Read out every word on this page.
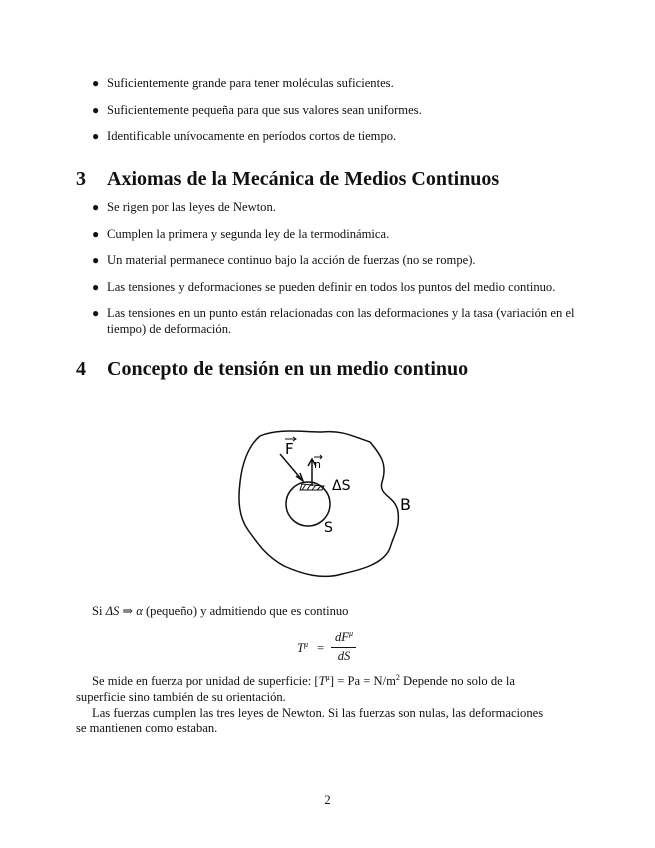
● Suficientemente grande para tener moléculas suficientes.
● Suficientemente pequeña para que sus valores sean uniformes.
● Identificable unívocamente en períodos cortos de tiempo.
3 Axiomas de la Mecánica de Medios Continuos
● Se rigen por las leyes de Newton.
● Cumplen la primera y segunda ley de la termodinámica.
● Un material permanece continuo bajo la acción de fuerzas (no se rompe).
● Las tensiones y deformaciones se pueden definir en todos los puntos del medio continuo.
● Las tensiones en un punto están relacionadas con las deformaciones y la tasa (variación en el tiempo) de deformación.
4 Concepto de tensión en un medio continuo
F
n
ΔS
B
S
Si ΔS ⇒ α (pequeño) y admitiendo que es continuo
$T^\mu$ =
$dF^\mu$
dS
Se mide en fuerza por unidad de superficie: $[T^\mu] = Pa = N/m^2$ Depende no solo de la
superficie sino también de su orientación.
Las fuerzas cumplen las tres leyes de Newton. Si las fuerzas son nulas, las deformaciones
se mantienen como estaban.
2
